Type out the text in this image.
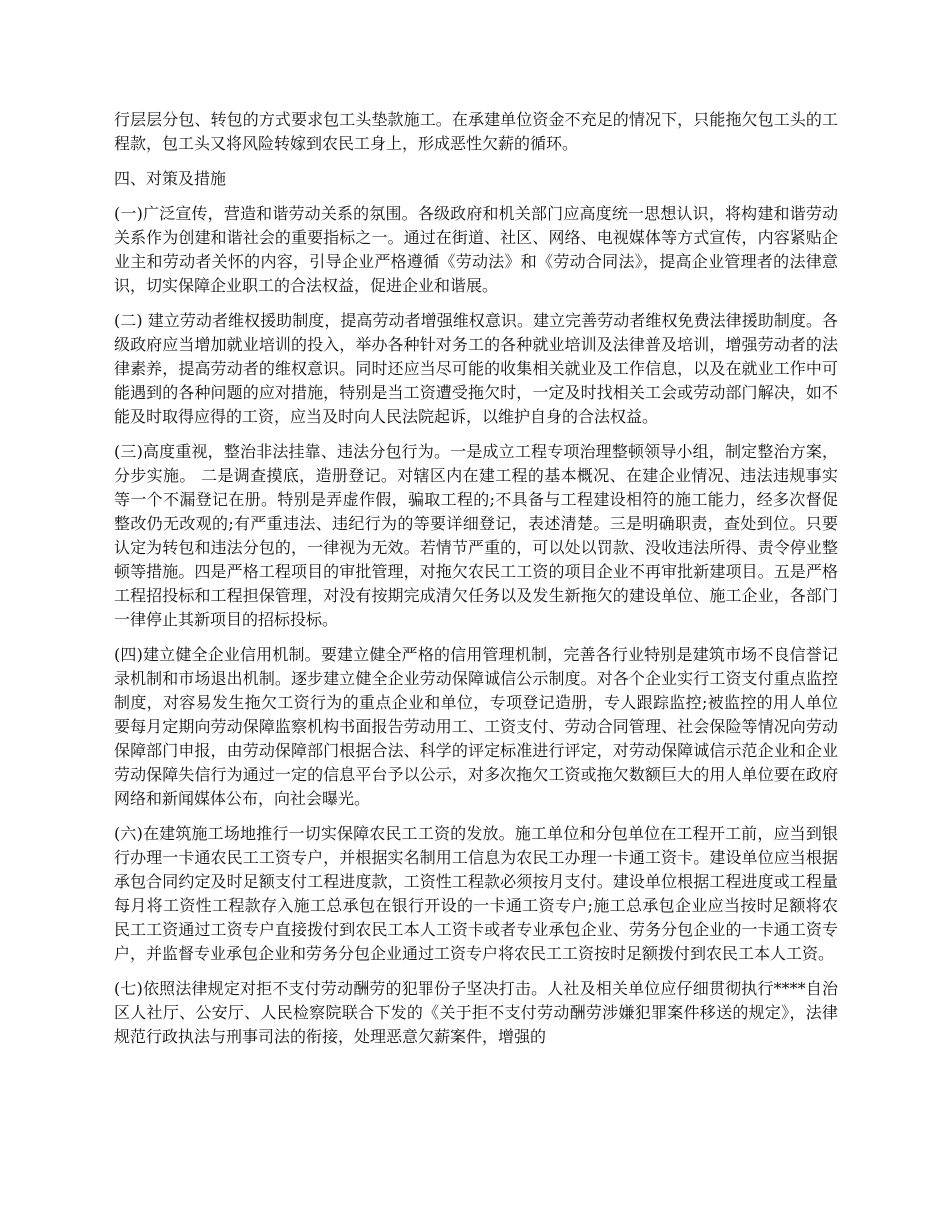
行层层分包、转包的方式要求包工头垫款施工。在承建单位资金不充足的情况下，只能拖欠包工头的工程款，包工头又将风险转嫁到农民工身上，形成恶性欠薪的循环。

四、对策及措施

(一)广泛宣传，营造和谐劳动关系的氛围。各级政府和机关部门应高度统一思想认识，将构建和谐劳动关系作为创建和谐社会的重要指标之一。通过在街道、社区、网络、电视媒体等方式宣传，内容紧贴企业主和劳动者关怀的内容，引导企业严格遵循《劳动法》和《劳动合同法》，提高企业管理者的法律意识，切实保障企业职工的合法权益，促进企业和谐展。

(二) 建立劳动者维权援助制度，提高劳动者增强维权意识。建立完善劳动者维权免费法律援助制度。各级政府应当增加就业培训的投入，举办各种针对务工的各种就业培训及法律普及培训，增强劳动者的法律素养，提高劳动者的维权意识。同时还应当尽可能的收集相关就业及工作信息，以及在就业工作中可能遇到的各种问题的应对措施，特别是当工资遭受拖欠时，一定及时找相关工会或劳动部门解决，如不能及时取得应得的工资，应当及时向人民法院起诉，以维护自身的合法权益。

(三)高度重视，整治非法挂靠、违法分包行为。一是成立工程专项治理整顿领导小组，制定整治方案，分步实施。 二是调查摸底，造册登记。对辖区内在建工程的基本概况、在建企业情况、违法违规事实等一个不漏登记在册。特别是弄虚作假，骗取工程的;不具备与工程建设相符的施工能力，经多次督促整改仍无改观的;有严重违法、违纪行为的等要详细登记，表述清楚。三是明确职责，查处到位。只要认定为转包和违法分包的，一律视为无效。若情节严重的，可以处以罚款、没收违法所得、责令停业整顿等措施。四是严格工程项目的审批管理，对拖欠农民工工资的项目企业不再审批新建项目。五是严格工程招投标和工程担保管理，对没有按期完成清欠任务以及发生新拖欠的建设单位、施工企业，各部门一律停止其新项目的招标投标。

(四)建立健全企业信用机制。要建立健全严格的信用管理机制，完善各行业特别是建筑市场不良信誉记录机制和市场退出机制。逐步建立健全企业劳动保障诚信公示制度。对各个企业实行工资支付重点监控制度，对容易发生拖欠工资行为的重点企业和单位，专项登记造册，专人跟踪监控;被监控的用人单位要每月定期向劳动保障监察机构书面报告劳动用工、工资支付、劳动合同管理、社会保险等情况向劳动保障部门申报，由劳动保障部门根据合法、科学的评定标准进行评定，对劳动保障诚信示范企业和企业劳动保障失信行为通过一定的信息平台予以公示，对多次拖欠工资或拖欠数额巨大的用人单位要在政府网络和新闻媒体公布，向社会曝光。

(六)在建筑施工场地推行一切实保障农民工工资的发放。施工单位和分包单位在工程开工前，应当到银行办理一卡通农民工工资专户，并根据实名制用工信息为农民工办理一卡通工资卡。建设单位应当根据承包合同约定及时足额支付工程进度款，工资性工程款必须按月支付。建设单位根据工程进度或工程量每月将工资性工程款存入施工总承包在银行开设的一卡通工资专户;施工总承包企业应当按时足额将农民工工资通过工资专户直接拨付到农民工本人工资卡或者专业承包企业、劳务分包企业的一卡通工资专户，并监督专业承包企业和劳务分包企业通过工资专户将农民工工资按时足额拨付到农民工本人工资。

(七)依照法律规定对拒不支付劳动酬劳的犯罪份子坚决打击。人社及相关单位应仔细贯彻执行****自治区人社厅、公安厅、人民检察院联合下发的《关于拒不支付劳动酬劳涉嫌犯罪案件移送的规定》，法律规范行政执法与刑事司法的衔接，处理恶意欠薪案件，增强的
